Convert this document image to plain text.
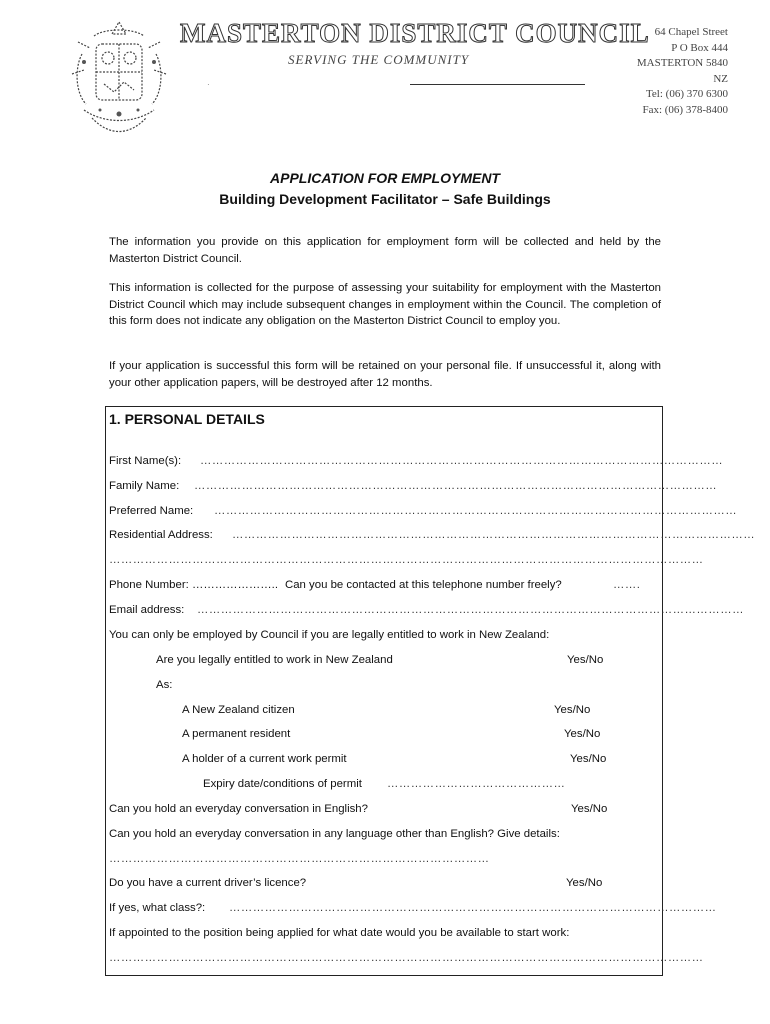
MASTERTON DISTRICT COUNCIL
SERVING THE COMMUNITY
·
64 Chapel Street
P O Box 444
MASTERTON 5840
NZ
Tel: (06) 370 6300
Fax: (06) 378-8400
APPLICATION FOR EMPLOYMENT
Building Development Facilitator – Safe Buildings

The information you provide on this application for employment form will be collected and held by the Masterton District Council.

This information is collected for the purpose of assessing your suitability for employment with the Masterton District Council which may include subsequent changes in employment within the Council. The completion of this form does not indicate any obligation on the Masterton District Council to employ you.

If your application is successful this form will be retained on your personal file. If unsuccessful it, along with your other application papers, will be destroyed after 12 months.

1. PERSONAL DETAILS
First Name(s): ……………………………………………………………………………………………………………………
Family Name: ……………………………………………………………………………………………………………………
Preferred Name: ……………………………………………………………………………………………………………………
Residential Address: ……………………………………………………………………………………………………………………
……………………………………………………………………………………………………………………………………
Phone Number: ………………….. Can you be contacted at this telephone number freely?	…….
Email address: …………………………………………………………………………………………………………………………
You can only be employed by Council if you are legally entitled to work in New Zealand:
Are you legally entitled to work in New Zealand	Yes/No
As:
A New Zealand citizen	Yes/No
A permanent resident	Yes/No
A holder of a current work permit	Yes/No
Expiry date/conditions of permit ………………………………………
Can you hold an everyday conversation in English?	Yes/No
Can you hold an everyday conversation in any language other than English? Give details:
……………………………………………………………………………………
Do you have a current driver’s licence?	Yes/No
If yes, what class?: ……………………………………………………………………………………………………………
If appointed to the position being applied for what date would you be available to start work:
……………………………………………………………………………………………………………………………………
